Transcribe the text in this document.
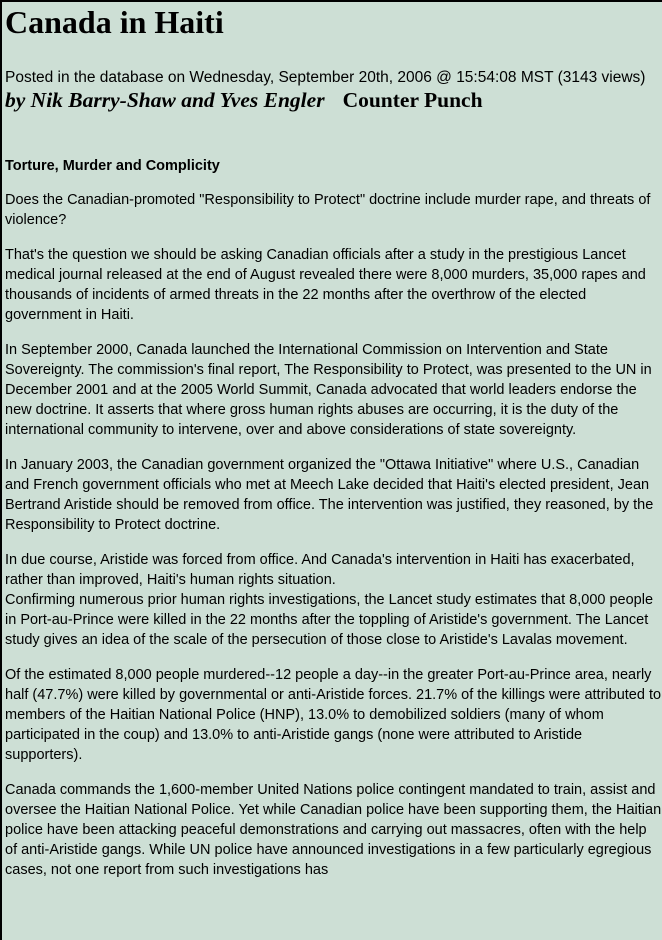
Canada in Haiti
Posted in the database on Wednesday, September 20th, 2006 @ 15:54:08 MST (3143 views)
by Nik Barry-Shaw and Yves Engler Counter Punch
Torture, Murder and Complicity

Does the Canadian-promoted "Responsibility to Protect" doctrine include murder rape, and threats of violence?

That's the question we should be asking Canadian officials after a study in the prestigious Lancet medical journal released at the end of August revealed there were 8,000 murders, 35,000 rapes and thousands of incidents of armed threats in the 22 months after the overthrow of the elected government in Haiti.

In September 2000, Canada launched the International Commission on Intervention and State Sovereignty. The commission's final report, The Responsibility to Protect, was presented to the UN in December 2001 and at the 2005 World Summit, Canada advocated that world leaders endorse the new doctrine. It asserts that where gross human rights abuses are occurring, it is the duty of the international community to intervene, over and above considerations of state sovereignty.

In January 2003, the Canadian government organized the "Ottawa Initiative" where U.S., Canadian and French government officials who met at Meech Lake decided that Haiti's elected president, Jean Bertrand Aristide should be removed from office. The intervention was justified, they reasoned, by the Responsibility to Protect doctrine.

In due course, Aristide was forced from office. And Canada's intervention in Haiti has exacerbated, rather than improved, Haiti's human rights situation.

Confirming numerous prior human rights investigations, the Lancet study estimates that 8,000 people in Port-au-Prince were killed in the 22 months after the toppling of Aristide's government. The Lancet study gives an idea of the scale of the persecution of those close to Aristide's Lavalas movement.

Of the estimated 8,000 people murdered--12 people a day--in the greater Port-au-Prince area, nearly half (47.7%) were killed by governmental or anti-Aristide forces. 21.7% of the killings were attributed to members of the Haitian National Police (HNP), 13.0% to demobilized soldiers (many of whom participated in the coup) and 13.0% to anti-Aristide gangs (none were attributed to Aristide supporters).

Canada commands the 1,600-member United Nations police contingent mandated to train, assist and oversee the Haitian National Police. Yet while Canadian police have been supporting them, the Haitian police have been attacking peaceful demonstrations and carrying out massacres, often with the help of anti-Aristide gangs. While UN police have announced investigations in a few particularly egregious cases, not one report from such investigations has
